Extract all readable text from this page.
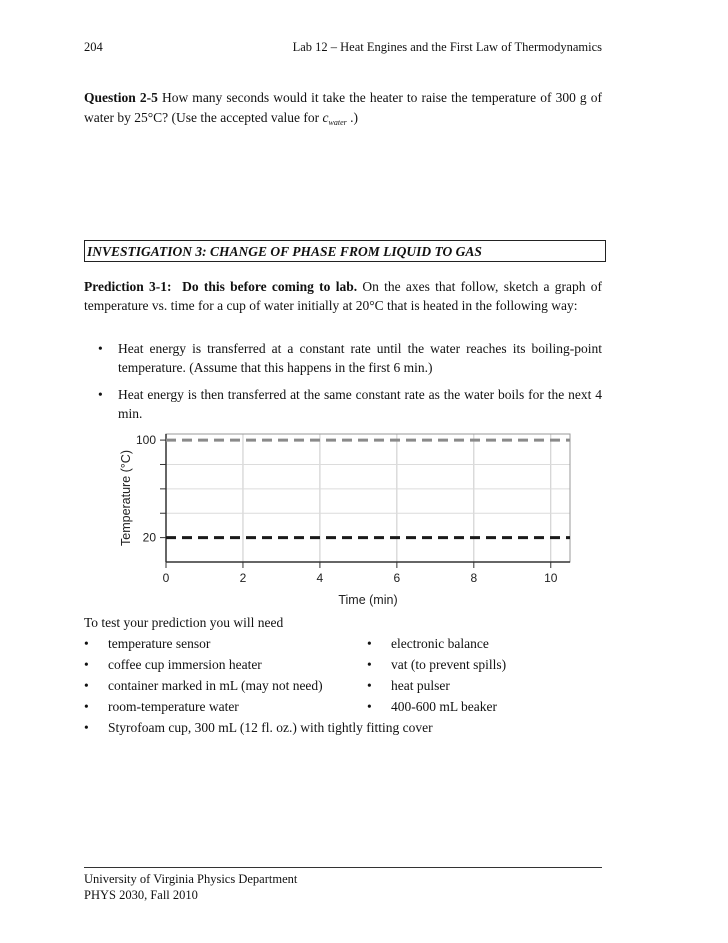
204	Lab 12 – Heat Engines and the First Law of Thermodynamics
Question 2-5 How many seconds would it take the heater to raise the temperature of 300 g of water by 25°C? (Use the accepted value for $c_{water}$ .)
INVESTIGATION 3: CHANGE OF PHASE FROM LIQUID TO GAS
Prediction 3-1: Do this before coming to lab. On the axes that follow, sketch a graph of temperature vs. time for a cup of water initially at 20°C that is heated in the following way:
• Heat energy is transferred at a constant rate until the water reaches its boiling-point temperature. (Assume that this happens in the first 6 min.)
• Heat energy is then transferred at the same constant rate as the water boils for the next 4 min.
0	2	4	6	8	10
20
100
Time (min)
Temperature (°C)
To test your prediction you will need
• temperature sensor
• coffee cup immersion heater
• container marked in mL (may not need)
• room-temperature water
• Styrofoam cup, 300 mL (12 fl. oz.) with tightly fitting cover
• electronic balance
• vat (to prevent spills)
• heat pulser
• 400-600 mL beaker
University of Virginia Physics Department
PHYS 2030, Fall 2010
